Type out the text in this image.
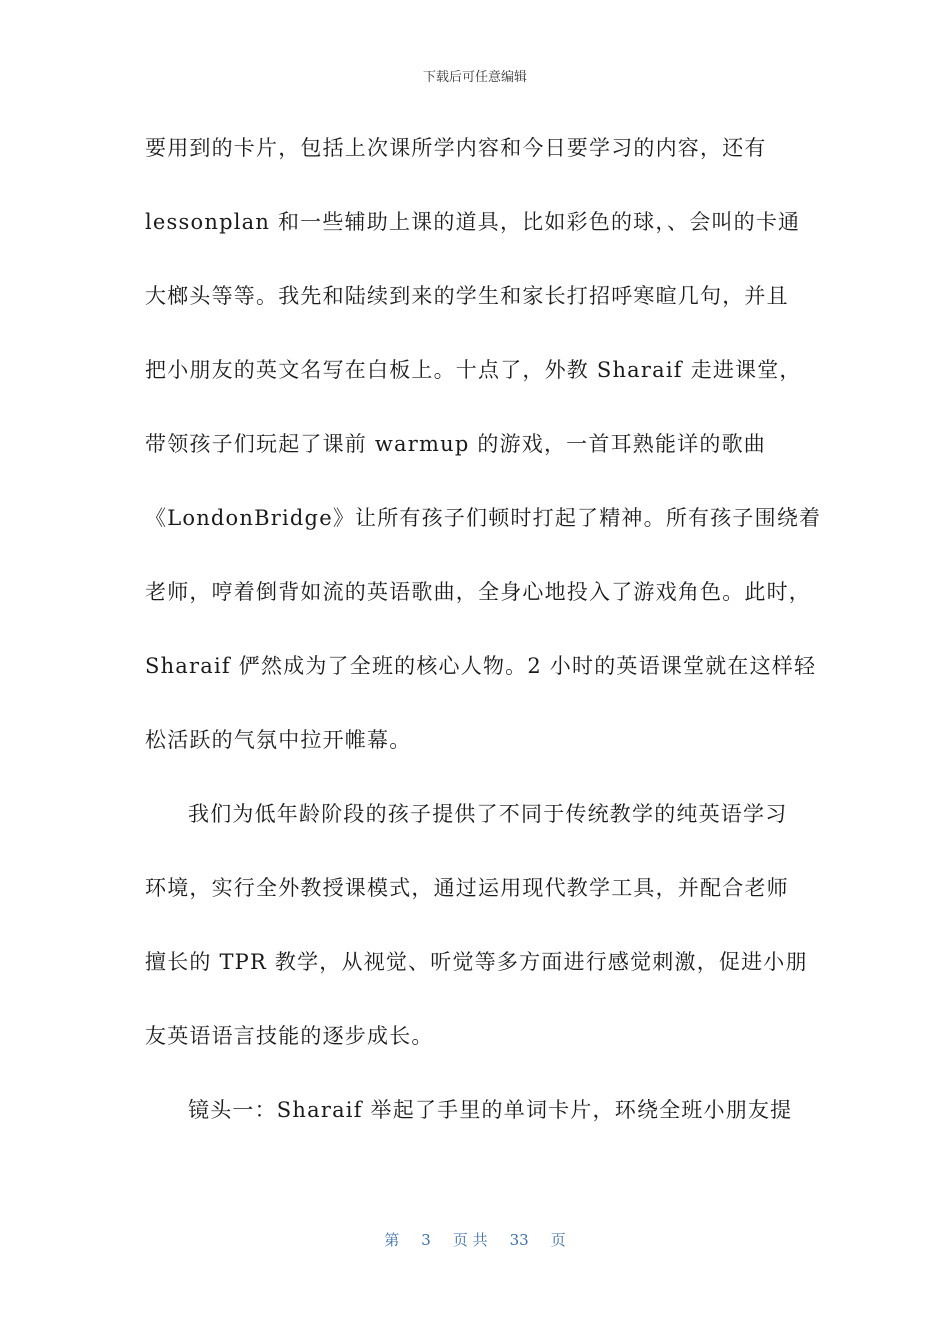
下载后可任意编辑
要用到的卡片，包括上次课所学内容和今日要学习的内容，还有
lessonplan 和一些辅助上课的道具，比如彩色的球，、会叫的卡通
大榔头等等。我先和陆续到来的学生和家长打招呼寒暄几句，并且
把小朋友的英文名写在白板上。十点了，外教 Sharaif 走进课堂，
带领孩子们玩起了课前 warmup 的游戏，一首耳熟能详的歌曲
《LondonBridge》让所有孩子们顿时打起了精神。所有孩子围绕着
老师，哼着倒背如流的英语歌曲，全身心地投入了游戏角色。此时，
Sharaif 俨然成为了全班的核心人物。2 小时的英语课堂就在这样轻
松活跃的气氛中拉开帷幕。
我们为低年龄阶段的孩子提供了不同于传统教学的纯英语学习
环境，实行全外教授课模式，通过运用现代教学工具，并配合老师
擅长的 TPR 教学，从视觉、听觉等多方面进行感觉刺激，促进小朋
友英语语言技能的逐步成长。
镜头一：Sharaif 举起了手里的单词卡片，环绕全班小朋友提
第 3 页 共 33 页
